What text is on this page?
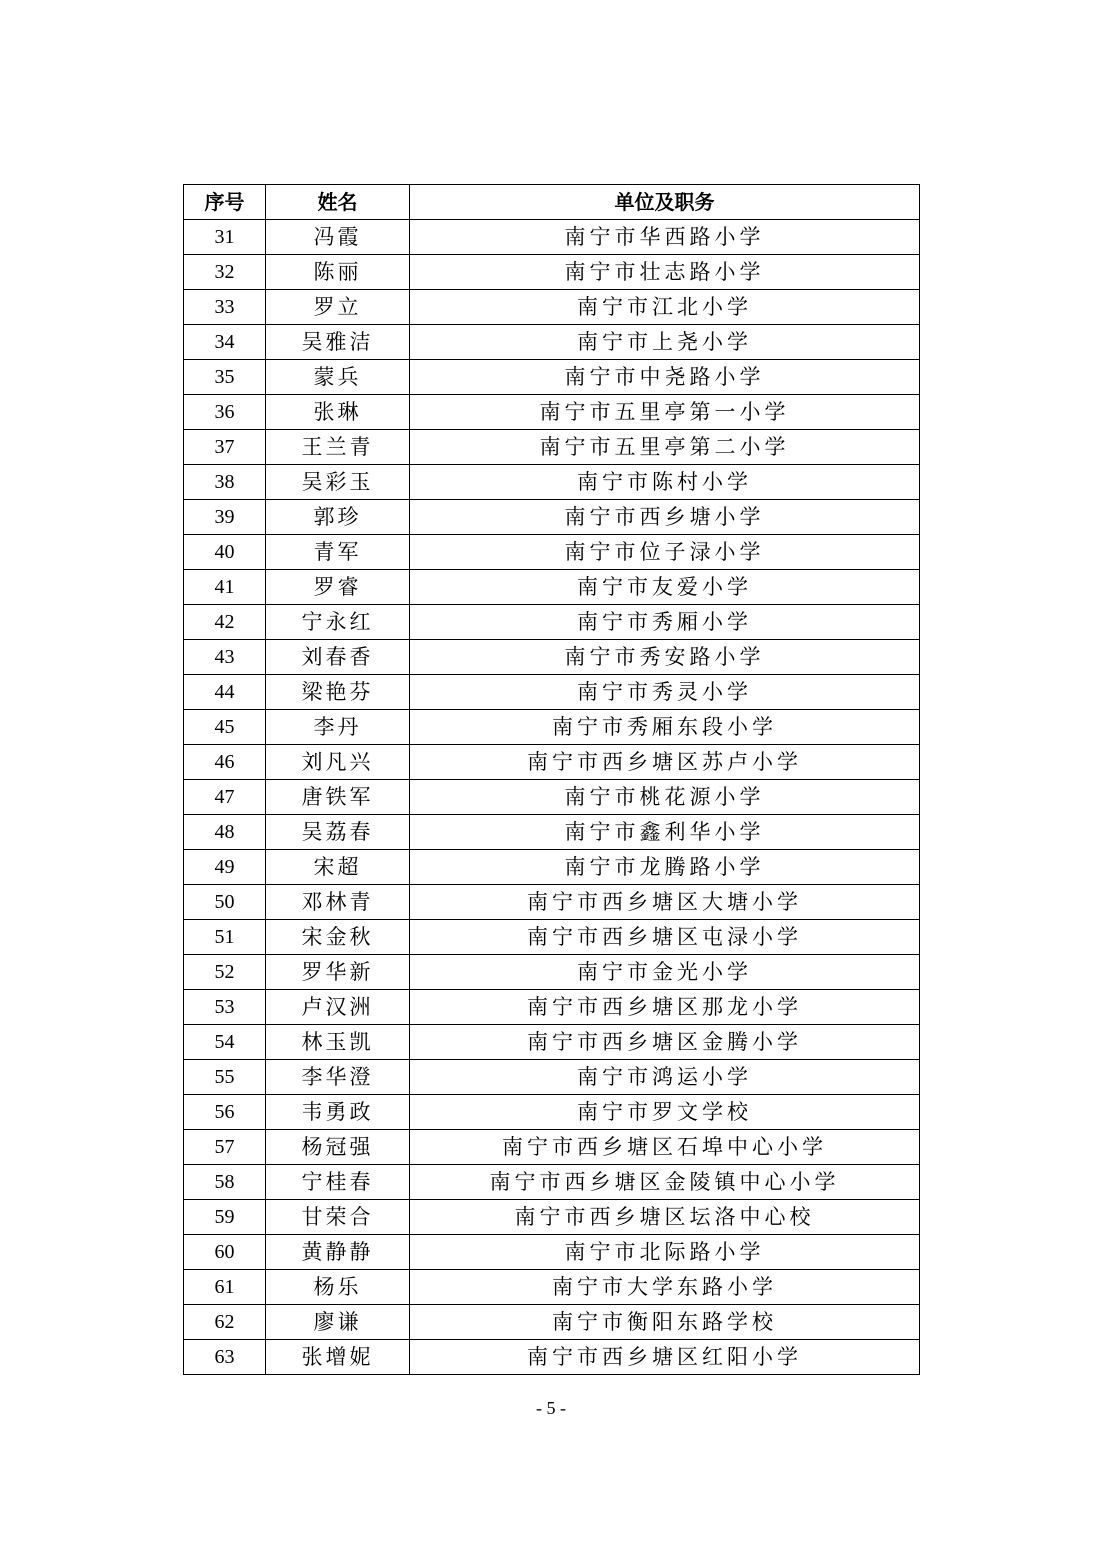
序号	姓名	单位及职务
31	冯霞	南宁市华西路小学
32	陈丽	南宁市壮志路小学
33	罗立	南宁市江北小学
34	吴雅洁	南宁市上尧小学
35	蒙兵	南宁市中尧路小学
36	张琳	南宁市五里亭第一小学
37	王兰青	南宁市五里亭第二小学
38	吴彩玉	南宁市陈村小学
39	郭珍	南宁市西乡塘小学
40	青军	南宁市位子渌小学
41	罗睿	南宁市友爱小学
42	宁永红	南宁市秀厢小学
43	刘春香	南宁市秀安路小学
44	梁艳芬	南宁市秀灵小学
45	李丹	南宁市秀厢东段小学
46	刘凡兴	南宁市西乡塘区苏卢小学
47	唐铁军	南宁市桃花源小学
48	吴荔春	南宁市鑫利华小学
49	宋超	南宁市龙腾路小学
50	邓林青	南宁市西乡塘区大塘小学
51	宋金秋	南宁市西乡塘区屯渌小学
52	罗华新	南宁市金光小学
53	卢汉洲	南宁市西乡塘区那龙小学
54	林玉凯	南宁市西乡塘区金腾小学
55	李华澄	南宁市鸿运小学
56	韦勇政	南宁市罗文学校
57	杨冠强	南宁市西乡塘区石埠中心小学
58	宁桂春	南宁市西乡塘区金陵镇中心小学
59	甘荣合	南宁市西乡塘区坛洛中心校
60	黄静静	南宁市北际路小学
61	杨乐	南宁市大学东路小学
62	廖谦	南宁市衡阳东路学校
63	张增妮	南宁市西乡塘区红阳小学
- 5 -
